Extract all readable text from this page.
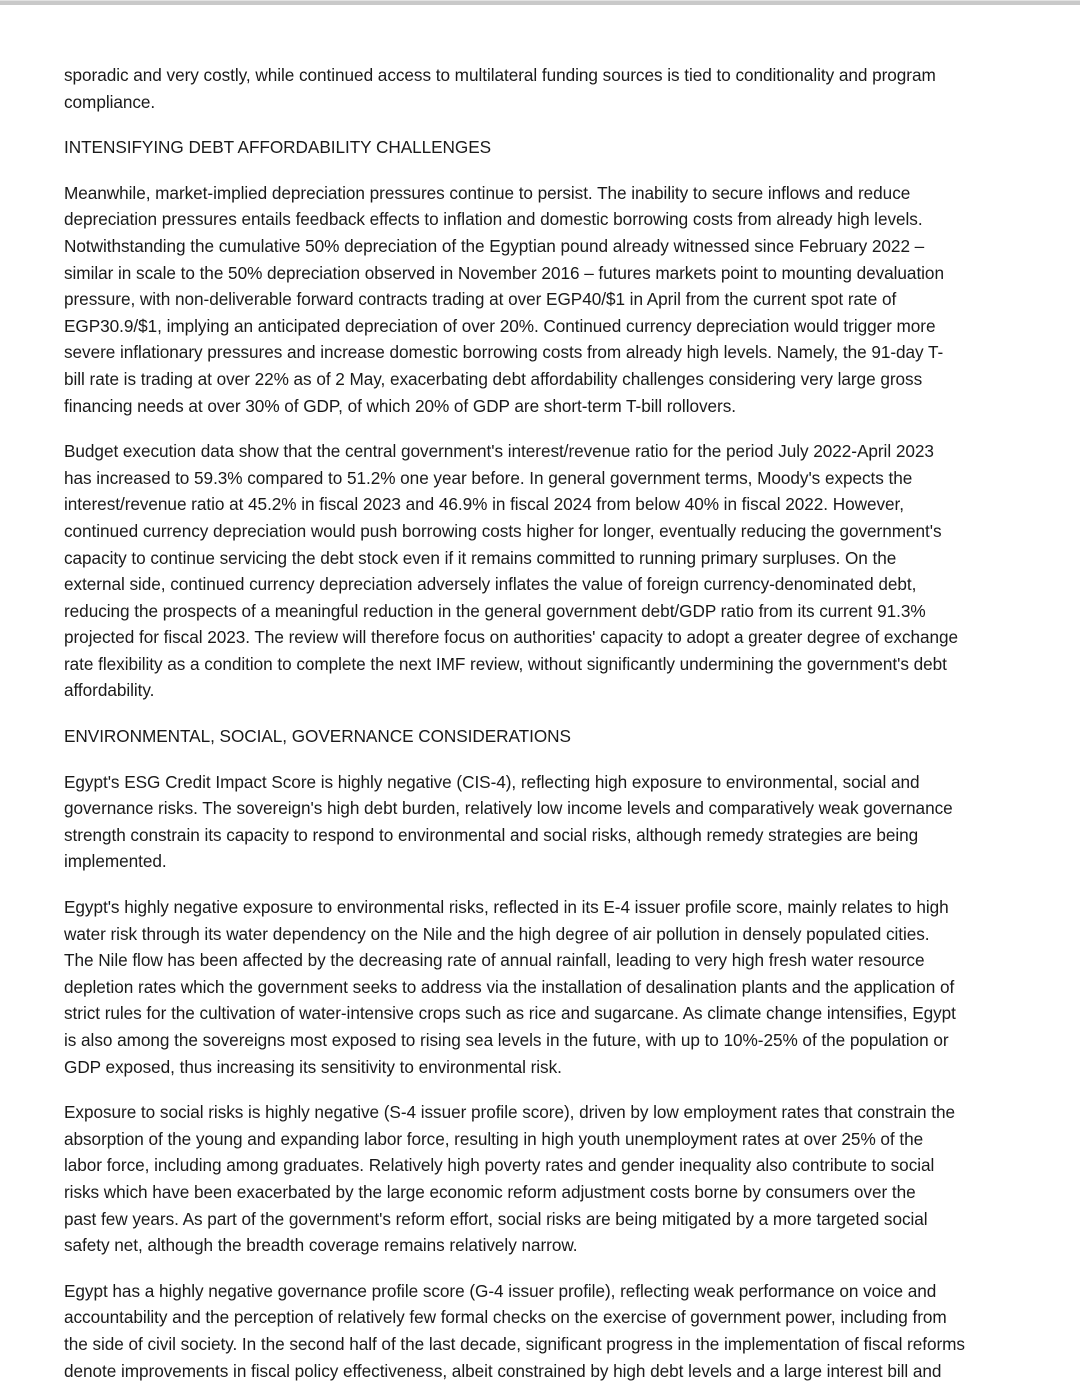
sporadic and very costly, while continued access to multilateral funding sources is tied to conditionality and program
compliance.
INTENSIFYING DEBT AFFORDABILITY CHALLENGES
Meanwhile, market-implied depreciation pressures continue to persist. The inability to secure inflows and reduce
depreciation pressures entails feedback effects to inflation and domestic borrowing costs from already high levels.
Notwithstanding the cumulative 50% depreciation of the Egyptian pound already witnessed since February 2022 –
similar in scale to the 50% depreciation observed in November 2016 – futures markets point to mounting devaluation
pressure, with non-deliverable forward contracts trading at over EGP40/$1 in April from the current spot rate of
EGP30.9/$1, implying an anticipated depreciation of over 20%. Continued currency depreciation would trigger more
severe inflationary pressures and increase domestic borrowing costs from already high levels. Namely, the 91-day T-
bill rate is trading at over 22% as of 2 May, exacerbating debt affordability challenges considering very large gross
financing needs at over 30% of GDP, of which 20% of GDP are short-term T-bill rollovers.
Budget execution data show that the central government's interest/revenue ratio for the period July 2022-April 2023
has increased to 59.3% compared to 51.2% one year before. In general government terms, Moody's expects the
interest/revenue ratio at 45.2% in fiscal 2023 and 46.9% in fiscal 2024 from below 40% in fiscal 2022. However,
continued currency depreciation would push borrowing costs higher for longer, eventually reducing the government's
capacity to continue servicing the debt stock even if it remains committed to running primary surpluses. On the
external side, continued currency depreciation adversely inflates the value of foreign currency-denominated debt,
reducing the prospects of a meaningful reduction in the general government debt/GDP ratio from its current 91.3%
projected for fiscal 2023. The review will therefore focus on authorities' capacity to adopt a greater degree of exchange
rate flexibility as a condition to complete the next IMF review, without significantly undermining the government's debt
affordability.
ENVIRONMENTAL, SOCIAL, GOVERNANCE CONSIDERATIONS
Egypt's ESG Credit Impact Score is highly negative (CIS-4), reflecting high exposure to environmental, social and
governance risks. The sovereign's high debt burden, relatively low income levels and comparatively weak governance
strength constrain its capacity to respond to environmental and social risks, although remedy strategies are being
implemented.
Egypt's highly negative exposure to environmental risks, reflected in its E-4 issuer profile score, mainly relates to high
water risk through its water dependency on the Nile and the high degree of air pollution in densely populated cities.
The Nile flow has been affected by the decreasing rate of annual rainfall, leading to very high fresh water resource
depletion rates which the government seeks to address via the installation of desalination plants and the application of
strict rules for the cultivation of water-intensive crops such as rice and sugarcane. As climate change intensifies, Egypt
is also among the sovereigns most exposed to rising sea levels in the future, with up to 10%-25% of the population or
GDP exposed, thus increasing its sensitivity to environmental risk.
Exposure to social risks is highly negative (S-4 issuer profile score), driven by low employment rates that constrain the
absorption of the young and expanding labor force, resulting in high youth unemployment rates at over 25% of the
labor force, including among graduates. Relatively high poverty rates and gender inequality also contribute to social
risks which have been exacerbated by the large economic reform adjustment costs borne by consumers over the
past few years. As part of the government's reform effort, social risks are being mitigated by a more targeted social
safety net, although the breadth coverage remains relatively narrow.
Egypt has a highly negative governance profile score (G-4 issuer profile), reflecting weak performance on voice and
accountability and the perception of relatively few formal checks on the exercise of government power, including from
the side of civil society. In the second half of the last decade, significant progress in the implementation of fiscal reforms
denote improvements in fiscal policy effectiveness, albeit constrained by high debt levels and a large interest bill and
